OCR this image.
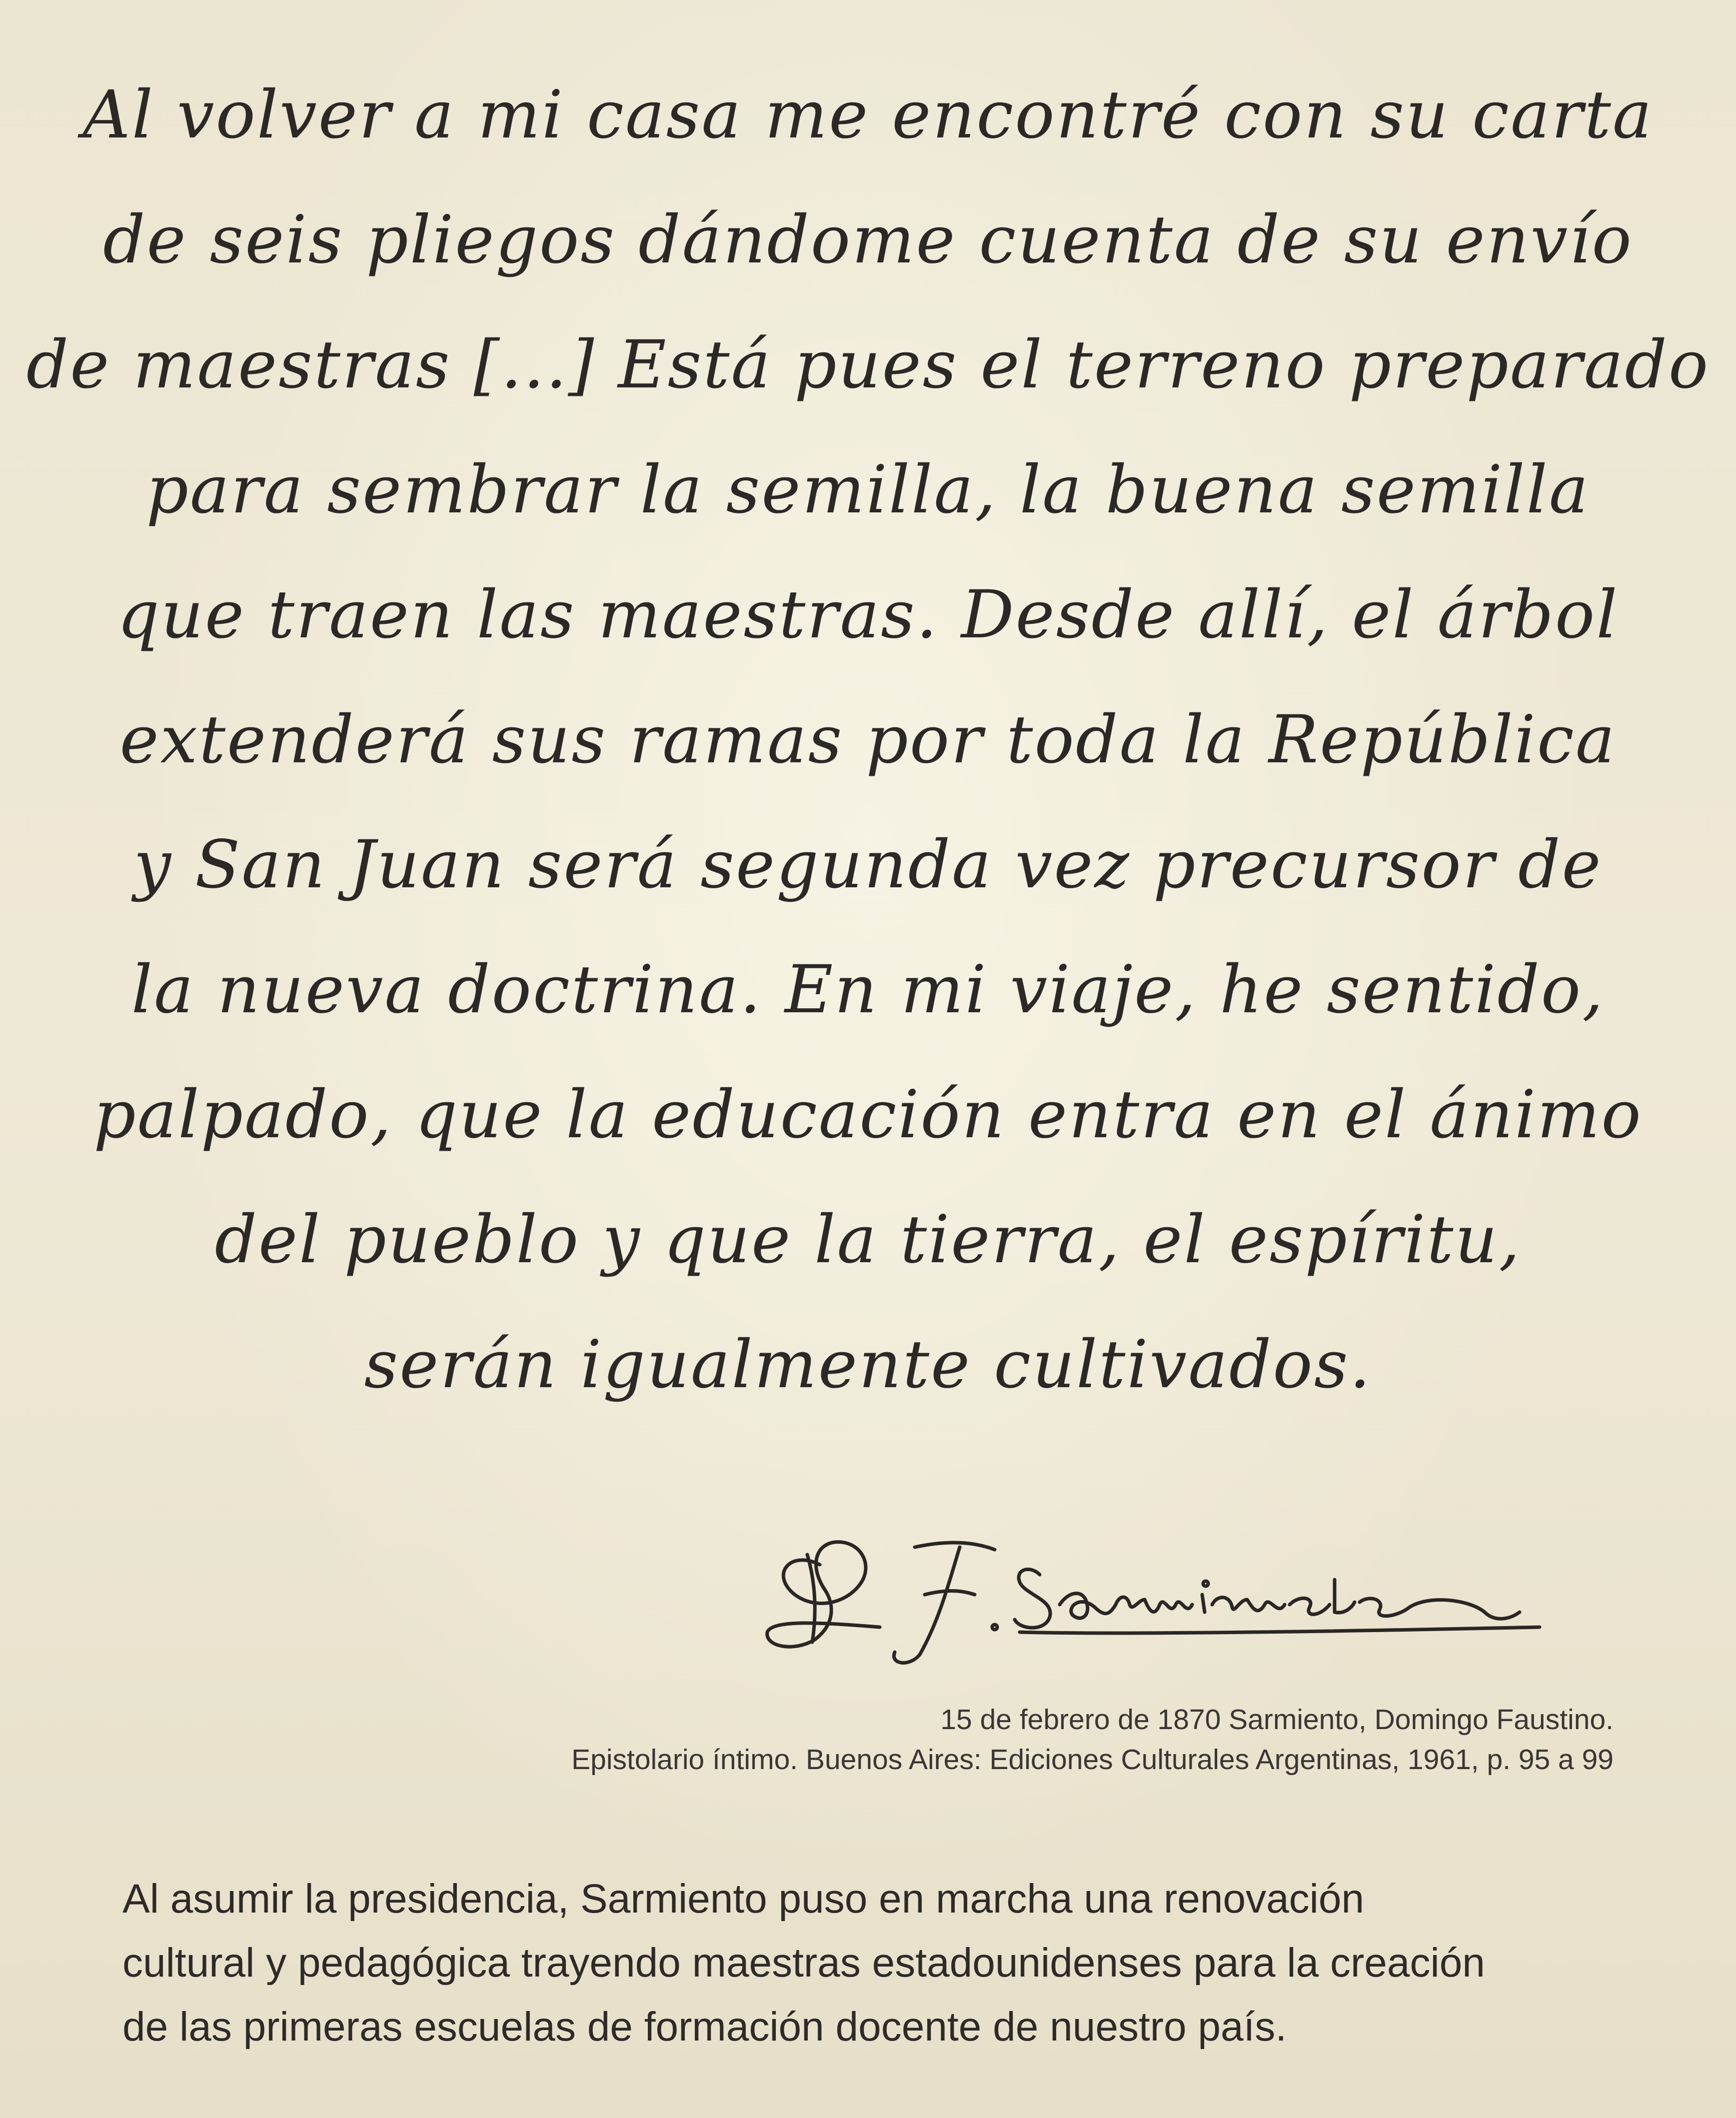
Al volver a mi casa me encontré con su carta
de seis pliegos dándome cuenta de su envío
de maestras [...] Está pues el terreno preparado
para sembrar la semilla, la buena semilla
que traen las maestras. Desde allí, el árbol
extenderá sus ramas por toda la República
y San Juan será segunda vez precursor de
la nueva doctrina. En mi viaje, he sentido,
palpado, que la educación entra en el ánimo
del pueblo y que la tierra, el espíritu,
serán igualmente cultivados.
15 de febrero de 1870 Sarmiento, Domingo Faustino.
Epistolario íntimo. Buenos Aires: Ediciones Culturales Argentinas, 1961, p. 95 a 99
Al asumir la presidencia, Sarmiento puso en marcha una renovación
cultural y pedagógica trayendo maestras estadounidenses para la creación
de las primeras escuelas de formación docente de nuestro país.
